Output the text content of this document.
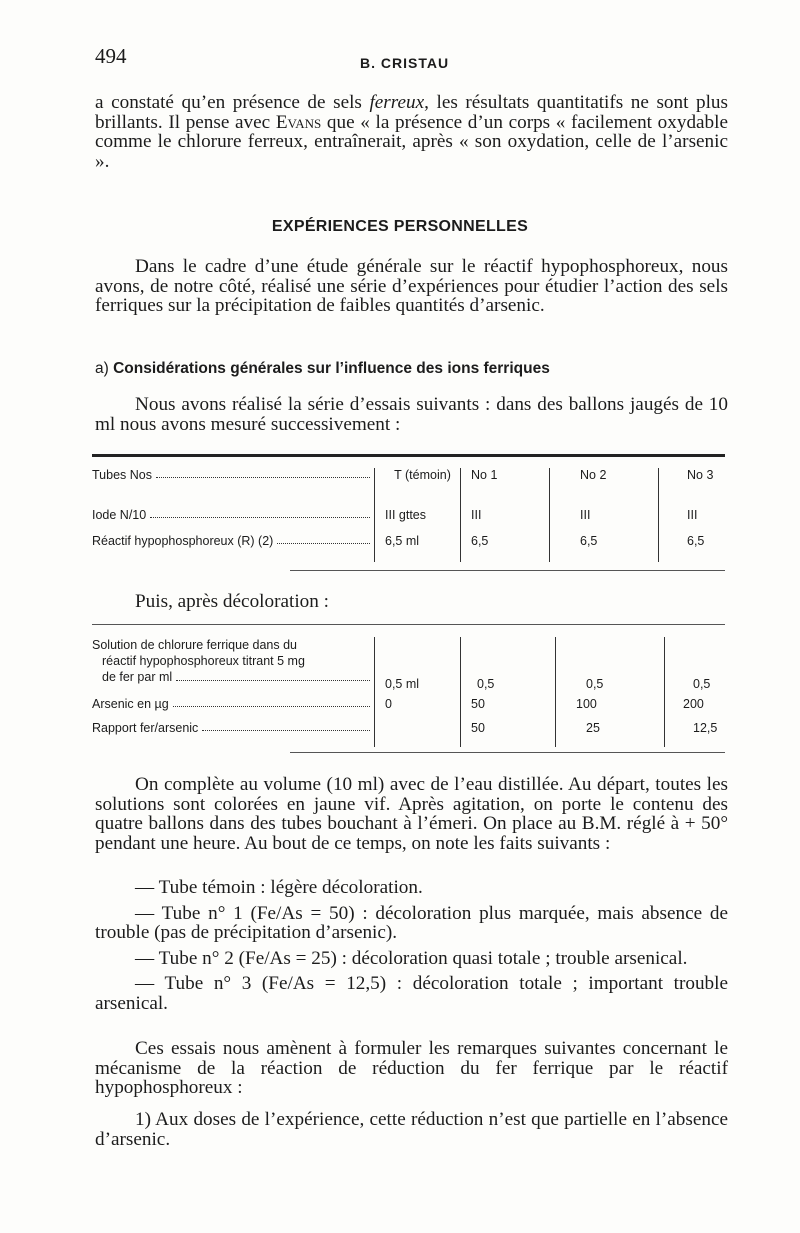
494	B. CRISTAU

a constaté qu’en présence de sels ferreux, les résultats quantitatifs ne sont plus brillants. Il pense avec Evans que « la présence d’un corps « facilement oxydable comme le chlorure ferreux, entraînerait, après « son oxydation, celle de l’arsenic ».

EXPÉRIENCES PERSONNELLES

Dans le cadre d’une étude générale sur le réactif hypophosphoreux, nous avons, de notre côté, réalisé une série d’expériences pour étudier l’action des sels ferriques sur la précipitation de faibles quantités d’arsenic.

a) Considérations générales sur l’influence des ions ferriques

Nous avons réalisé la série d’essais suivants : dans des ballons jaugés de 10 ml nous avons mesuré successivement :

Tubes Nos	T (témoin)	No 1	No 2	No 3

Iode N/10	III gttes	III	III	III

Réactif hypophosphoreux (R) (2)	6,5 ml	6,5	6,5	6,5

Puis, après décoloration :

Solution de chlorure ferrique dans du
réactif hypophosphoreux titrant 5 mg
de fer par ml	0,5 ml	0,5	0,5	0,5

Arsenic en µg	0	50	100	200

Rapport fer/arsenic		50	25	12,5

On complète au volume (10 ml) avec de l’eau distillée. Au départ, toutes les solutions sont colorées en jaune vif. Après agitation, on porte le contenu des quatre ballons dans des tubes bouchant à l’émeri. On place au B.M. réglé à + 50° pendant une heure. Au bout de ce temps, on note les faits suivants :

— Tube témoin : légère décoloration.

— Tube n° 1 (Fe/As = 50) : décoloration plus marquée, mais absence de trouble (pas de précipitation d’arsenic).

— Tube n° 2 (Fe/As = 25) : décoloration quasi totale ; trouble arsenical.

— Tube n° 3 (Fe/As = 12,5) : décoloration totale ; important trouble arsenical.

Ces essais nous amènent à formuler les remarques suivantes concernant le mécanisme de la réaction de réduction du fer ferrique par le réactif hypophosphoreux :

1) Aux doses de l’expérience, cette réduction n’est que partielle en l’absence d’arsenic.
